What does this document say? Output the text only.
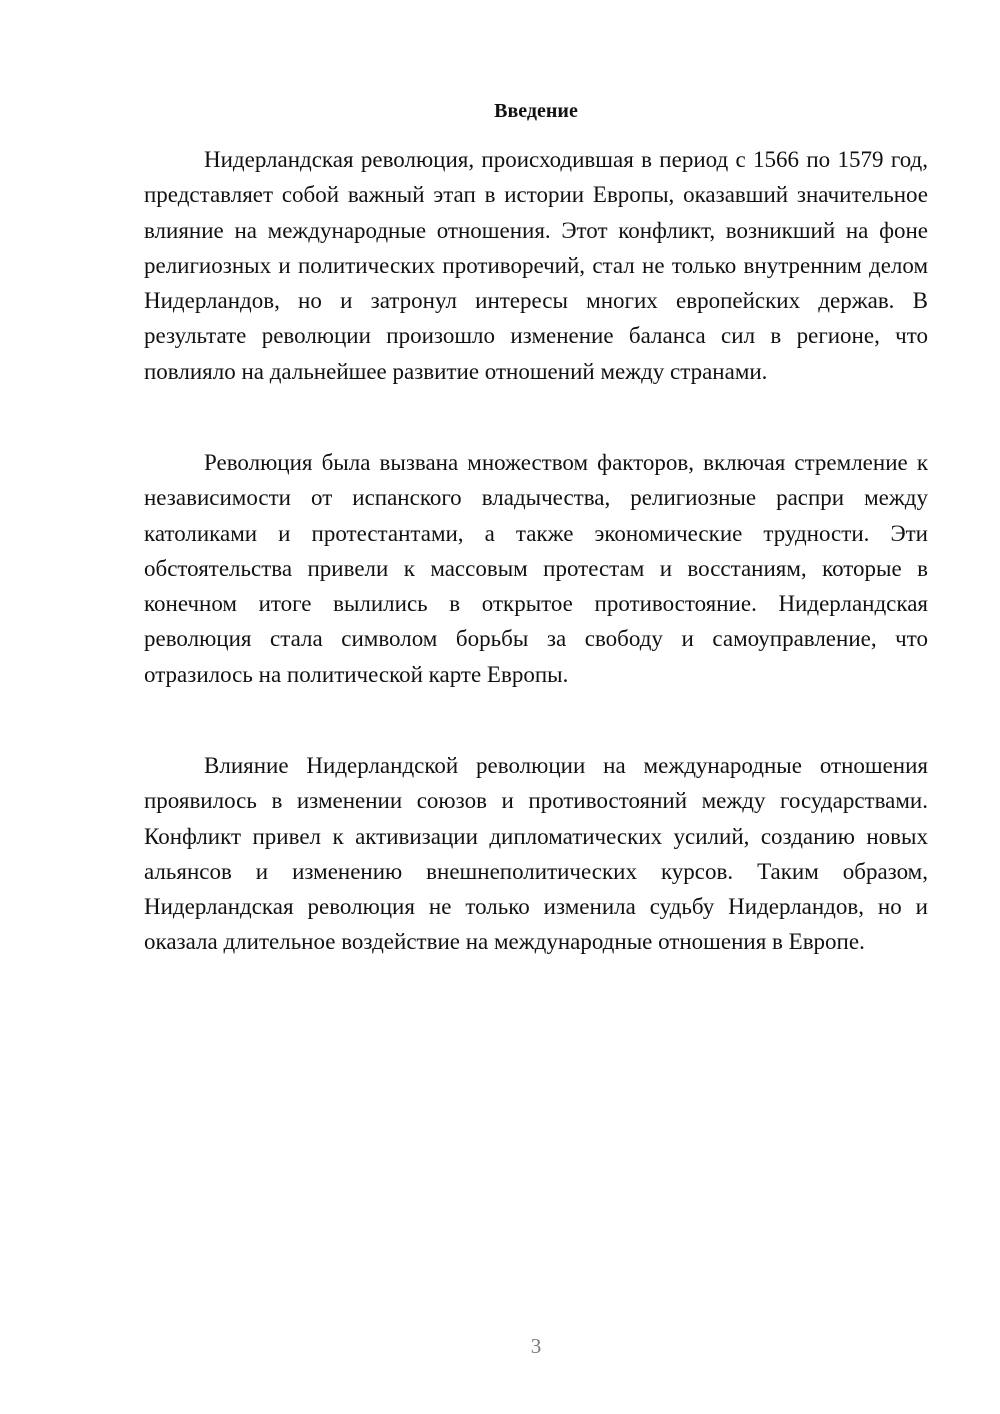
Введение

Нидерландская революция, происходившая в период с 1566 по 1579 год, представляет собой важный этап в истории Европы, оказавший значительное влияние на международные отношения. Этот конфликт, возникший на фоне религиозных и политических противоречий, стал не только внутренним делом Нидерландов, но и затронул интересы многих европейских держав. В результате революции произошло изменение баланса сил в регионе, что повлияло на дальнейшее развитие отношений между странами.

Революция была вызвана множеством факторов, включая стремление к независимости от испанского владычества, религиозные распри между католиками и протестантами, а также экономические трудности. Эти обстоятельства привели к массовым протестам и восстаниям, которые в конечном итоге вылились в открытое противостояние. Нидерландская революция стала символом борьбы за свободу и самоуправление, что отразилось на политической карте Европы.

Влияние Нидерландской революции на международные отношения проявилось в изменении союзов и противостояний между государствами. Конфликт привел к активизации дипломатических усилий, созданию новых альянсов и изменению внешнеполитических курсов. Таким образом, Нидерландская революция не только изменила судьбу Нидерландов, но и оказала длительное воздействие на международные отношения в Европе.

3
